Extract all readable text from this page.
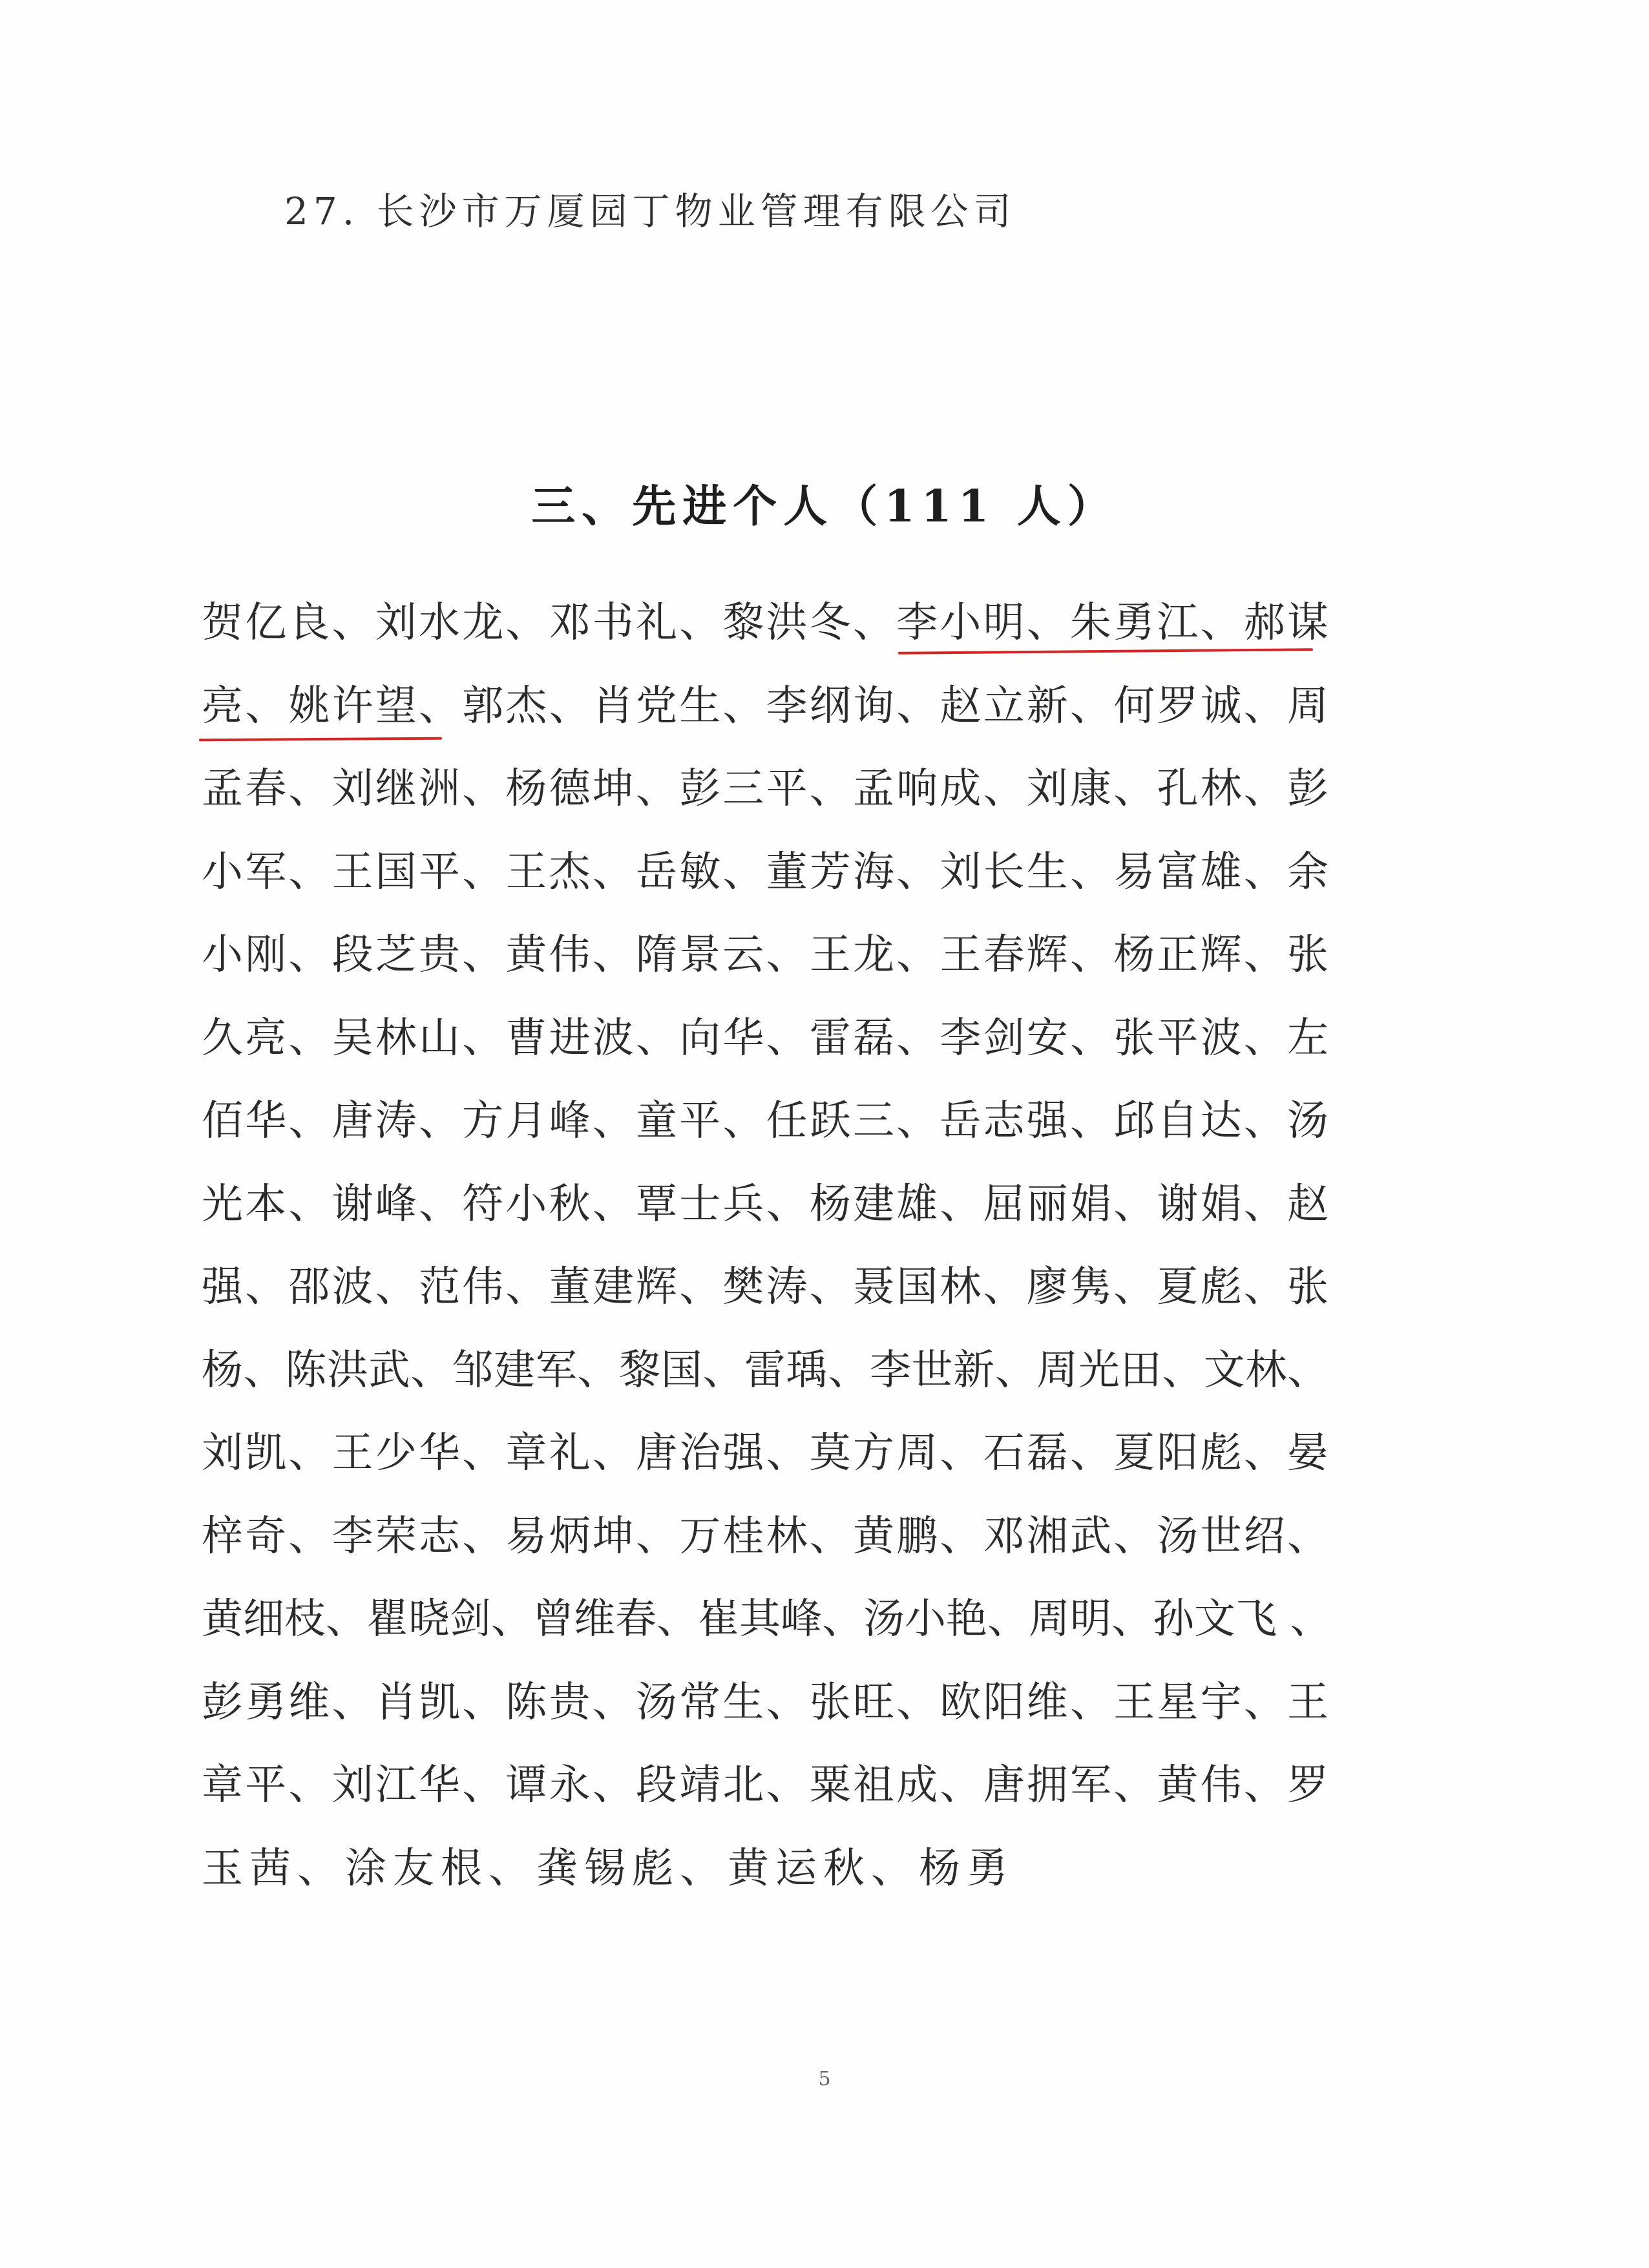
27. 长沙市万厦园丁物业管理有限公司
三、先进个人（111 人）
贺亿良、刘水龙、邓书礼、黎洪冬、李小明、朱勇江、郝谋
亮、姚许望、郭杰、肖党生、李纲询、赵立新、何罗诚、周
孟春、刘继洲、杨德坤、彭三平、孟响成、刘康、孔林、彭
小军、王国平、王杰、岳敏、董芳海、刘长生、易富雄、余
小刚、段芝贵、黄伟、隋景云、王龙、王春辉、杨正辉、张
久亮、吴林山、曹进波、向华、雷磊、李剑安、张平波、左
佰华、唐涛、方月峰、童平、任跃三、岳志强、邱自达、汤
光本、谢峰、符小秋、覃士兵、杨建雄、屈丽娟、谢娟、赵
强、邵波、范伟、董建辉、樊涛、聂国林、廖隽、夏彪、张
杨、陈洪武、邹建军、黎国、雷瑀、李世新、周光田、文林、
刘凯、王少华、章礼、唐治强、莫方周、石磊、夏阳彪、晏
梓奇、李荣志、易炳坤、万桂林、黄鹏、邓湘武、汤世绍、
黄细枝、瞿晓剑、曾维春、崔其峰、汤小艳、周明、孙文飞 、
彭勇维、肖凯、陈贵、汤常生、张旺、欧阳维、王星宇、王
章平、刘江华、谭永、段靖北、粟祖成、唐拥军、黄伟、罗
玉茜、涂友根、龚锡彪、黄运秋、杨勇
5
